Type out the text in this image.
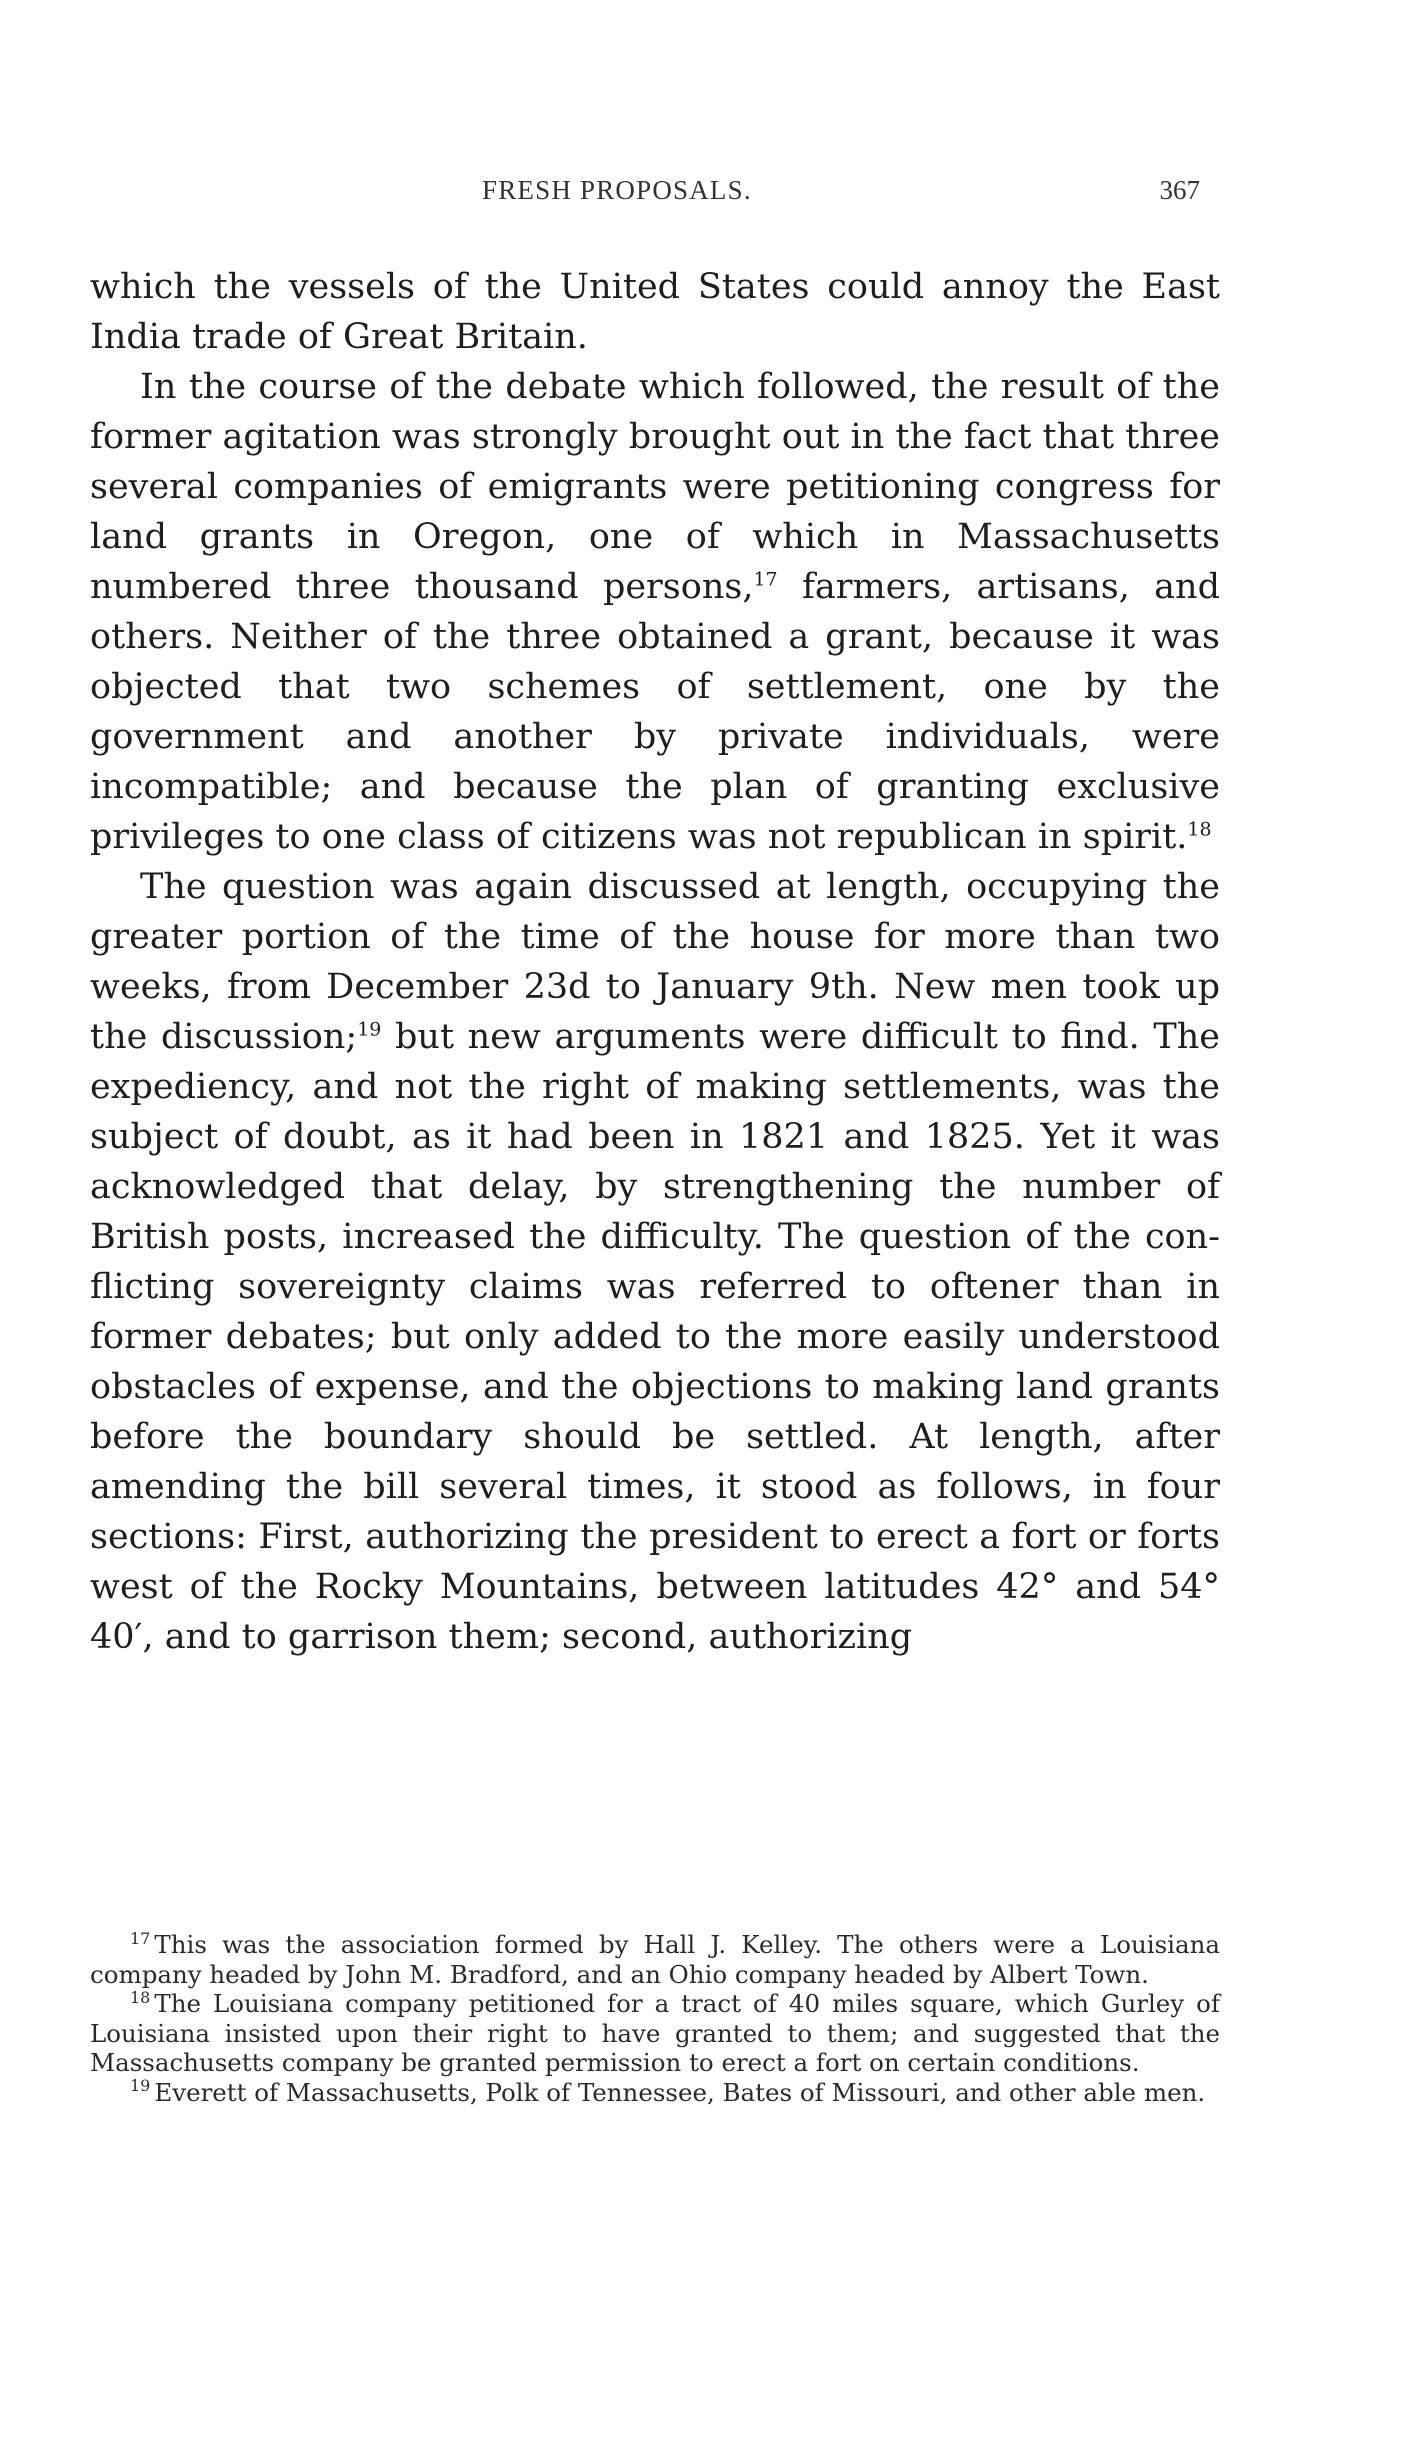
FRESH PROPOSALS.	367

which the vessels of the United States could annoy the East India trade of Great Britain.

In the course of the debate which followed, the result of the former agitation was strongly brought out in the fact that three several companies of emigrants were petitioning congress for land grants in Oregon, one of which in Massachusetts numbered three thousand persons,$^{17}$ farmers, artisans, and others. Neither of the three obtained a grant, because it was objected that two schemes of settlement, one by the government and another by private individuals, were incompatible; and because the plan of granting exclusive privileges to one class of citizens was not republican in spirit.$^{18}$

The question was again discussed at length, occupying the greater portion of the time of the house for more than two weeks, from December 23d to January 9th. New men took up the discussion;$^{19}$ but new arguments were difficult to find. The expediency, and not the right of making settlements, was the subject of doubt, as it had been in 1821 and 1825. Yet it was acknowledged that delay, by strengthening the number of British posts, increased the difficulty. The question of the conflicting sovereignty claims was referred to oftener than in former debates; but only added to the more easily understood obstacles of expense, and the objections to making land grants before the boundary should be settled. At length, after amending the bill several times, it stood as follows, in four sections: First, authorizing the president to erect a fort or forts west of the Rocky Mountains, between latitudes 42° and 54° 40′, and to garrison them; second, authorizing

$^{17}$ This was the association formed by Hall J. Kelley. The others were a Louisiana company headed by John M. Bradford, and an Ohio company headed by Albert Town.

$^{18}$ The Louisiana company petitioned for a tract of 40 miles square, which Gurley of Louisiana insisted upon their right to have granted to them; and suggested that the Massachusetts company be granted permission to erect a fort on certain conditions.

$^{19}$ Everett of Massachusetts, Polk of Tennessee, Bates of Missouri, and other able men.
